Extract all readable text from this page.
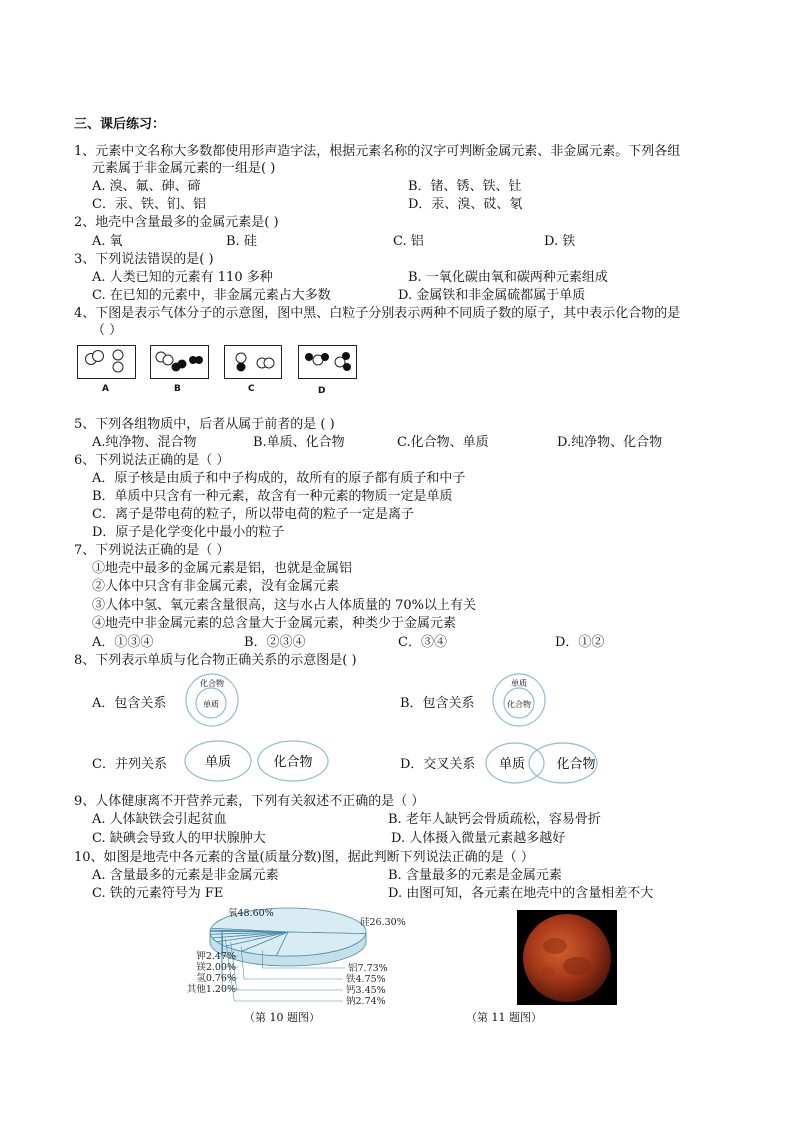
三、课后练习：
1、元素中文名称大多数都使用形声造字法，根据元素名称的汉字可判断金属元素、非金属元素。下列各组
元素属于非金属元素的一组是( )
A. 溴、氟、砷、碲	B．锗、锈、铁、钍
C．汞、铁、钔、铝	D．汞、溴、砹、氡
2、地壳中含量最多的金属元素是( )
A. 氧	B. 硅	C. 铝	D. 铁
3、下列说法错误的是( )
A. 人类已知的元素有 110 多种	B. 一氧化碳由氧和碳两种元素组成
C. 在已知的元素中，非金属元素占大多数	D. 金属铁和非金属硫都属于单质
4、下图是表示气体分子的示意图，图中黑、白粒子分别表示两种不同质子数的原子，其中表示化合物的是
（ ）
A	B	C	D
5、下列各组物质中，后者从属于前者的是 ( )
A.纯净物、混合物	B.单质、化合物	C.化合物、单质	D.纯净物、化合物
6、下列说法正确的是（ ）
A．原子核是由质子和中子构成的，故所有的原子都有质子和中子
B．单质中只含有一种元素，故含有一种元素的物质一定是单质
C．离子是带电荷的粒子，所以带电荷的粒子一定是离子
D．原子是化学变化中最小的粒子
7、下列说法正确的是（ ）
①地壳中最多的金属元素是铝，也就是金属铝
②人体中只含有非金属元素，没有金属元素
③人体中氢、氧元素含量很高，这与水占人体质量的 70%以上有关
④地壳中非金属元素的总含量大于金属元素，种类少于金属元素
A．①③④	B．②③④	C．③④	D．①②
8、下列表示单质与化合物正确关系的示意图是( )
A．包含关系
化合物
单质	B．包含关系
单质
化合物
C．并列关系	单质	化合物	D．交叉关系 单质 化合物
9、人体健康离不开营养元素，下列有关叙述不正确的是（ ）
A. 人体缺铁会引起贫血	B. 老年人缺钙会骨质疏松，容易骨折
C. 缺碘会导致人的甲状腺肿大	D. 人体摄入微量元素越多越好
10、如图是地壳中各元素的含量(质量分数)图，据此判断下列说法正确的是（ ）
A. 含量最多的元素是非金属元素	B. 含量最多的元素是金属元素
C. 铁的元素符号为 FE	D. 由图可知，各元素在地壳中的含量相差不大
氧48.60%
硅26.30%
铝7.73%
铁4.75%
钙3.45%
钠2.74%
钾2.47%
镁2.00%
氢0.76%
其他1.20%
（第 10 题图）	（第 11 题图）
